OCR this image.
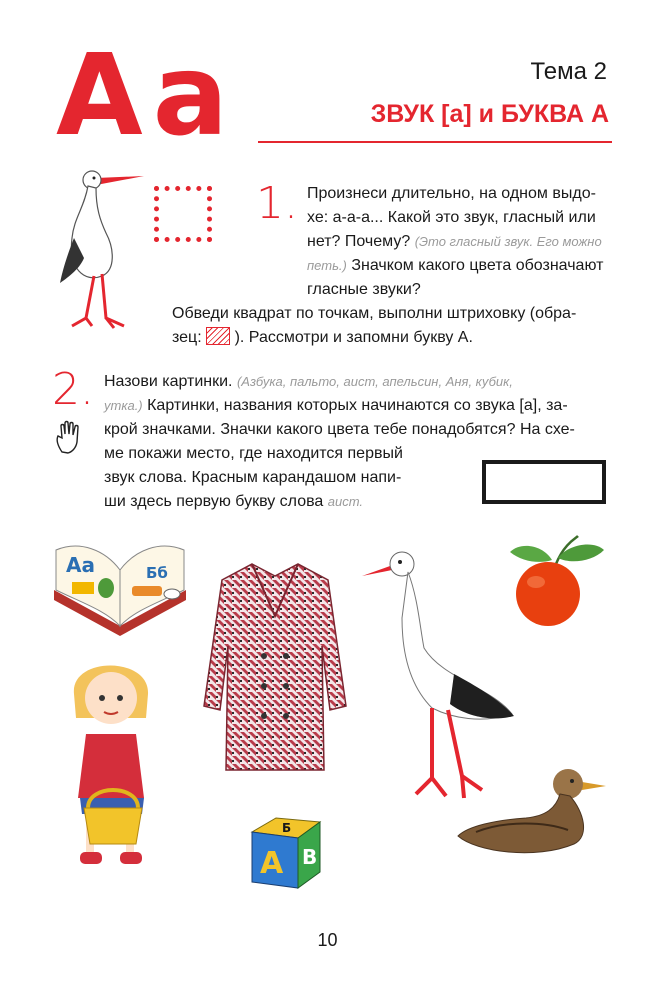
Аа	Тема 2
ЗВУК [а] и БУКВА А
1. Произнеси длительно, на одном выдо-
хе: а-а-а... Какой это звук, гласный или
нет? Почему? (Это гласный звук. Его можно
петь.) Значком какого цвета обозначают
гласные звуки?
Обведи квадрат по точкам, выполни штриховку (обра-
зец: ). Рассмотри и запомни букву А.
2. Назови картинки. (Азбука, пальто, аист, апельсин, Аня, кубик,
утка.) Картинки, названия которых начинаются со звука [а], за-
крой значками. Значки какого цвета тебе понадобятся? На схе-
ме покажи место, где находится первый
звук слова. Красным карандашом напи-
ши здесь первую букву слова аист.
Аа	Бб
Б
А В
10
